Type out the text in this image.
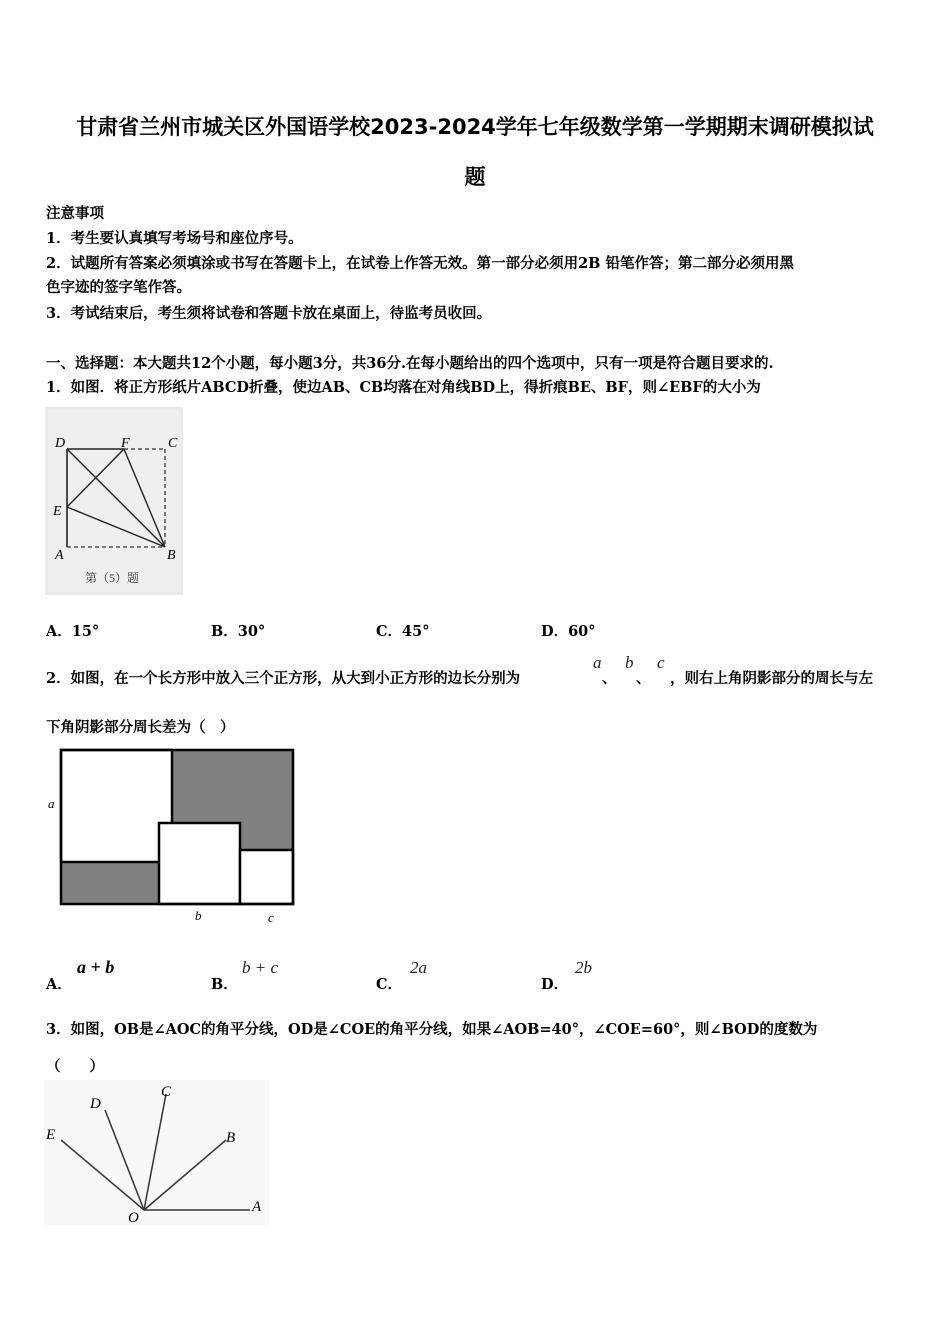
甘肃省兰州市城关区外国语学校2023-2024学年七年级数学第一学期期末调研模拟试
题
注意事项
1．考生要认真填写考场号和座位序号。
2．试题所有答案必须填涂或书写在答题卡上，在试卷上作答无效。第一部分必须用2B 铅笔作答；第二部分必须用黑
色字迹的签字笔作答。
3．考试结束后，考生须将试卷和答题卡放在桌面上，待监考员收回。
一、选择题：本大题共12个小题，每小题3分，共36分.在每小题给出的四个选项中，只有一项是符合题目要求的.
1．如图．将正方形纸片ABCD折叠，使边AB、CB均落在对角线BD上，得折痕BE、BF，则∠EBF的大小为
D	F	C
E
A	B
第（5）题
A．15°	B．30°	C．45°	D．60°
2．如图，在一个长方形中放入三个正方形，从大到小正方形的边长分别为
a
、
b
、
c
，则右上角阴影部分的周长与左
下角阴影部分周长差为（　）
a
b	c
A．
a + b
B．
b + c
C．
2a
D．
2b
3．如图，OB是∠AOC的角平分线，OD是∠COE的角平分线，如果∠AOB=40°，∠COE=60°，则∠BOD的度数为
（　　）
E
D
C
B
A
O
